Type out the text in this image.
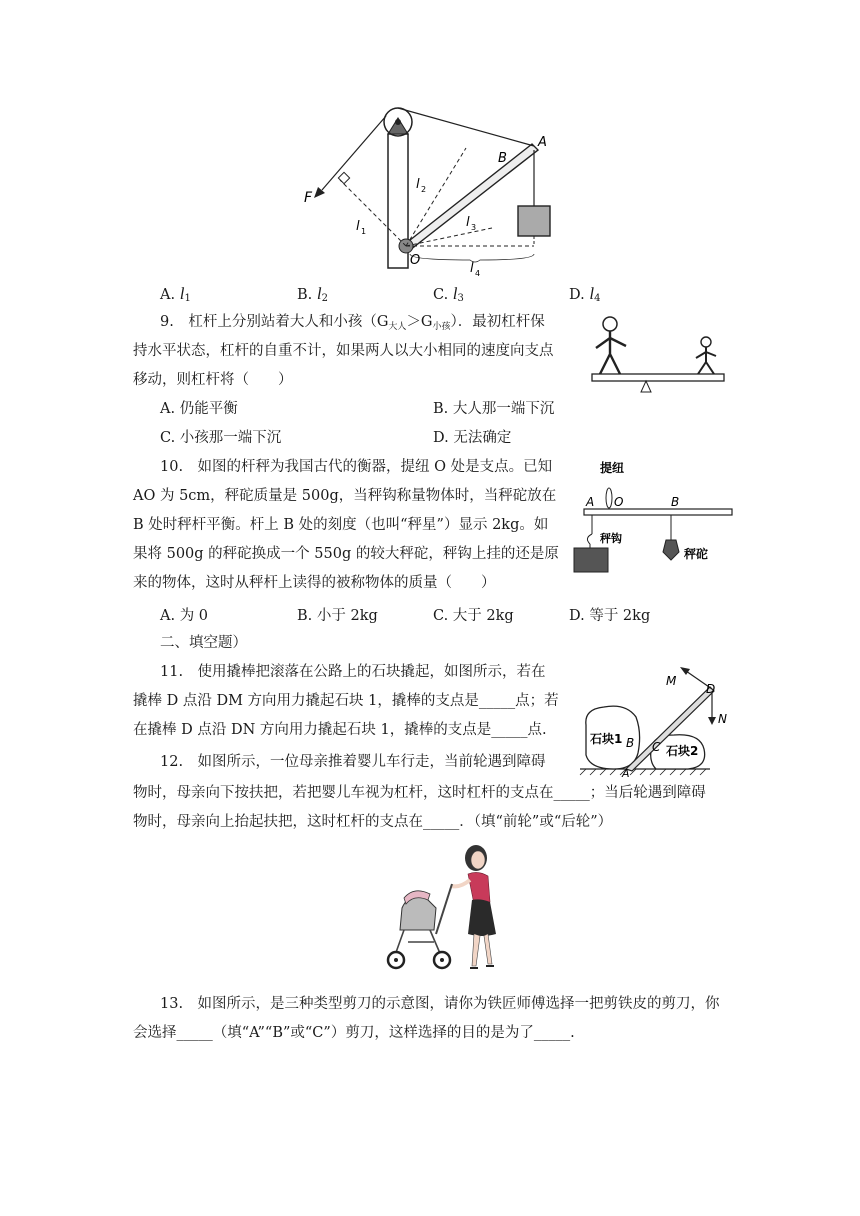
F
O
A
B
l 1
l 2
l 3
l 4
A. $l_1$	B. $l_2$	C. $l_3$	D. $l_4$
9.　杠杆上分别站着大人和小孩$(G_{大人}>G_{小孩})$．最初杠杆保
持水平状态，杠杆的自重不计，如果两人以大小相同的速度向支点
移动，则杠杆将（　　）
A. 仍能平衡	B. 大人那一端下沉
C. 小孩那一端下沉	D. 无法确定
10.　如图的杆秤为我国古代的衡器，提纽 O 处是支点。已知
AO 为 5cm，秤砣质量是 500g，当秤钩称量物体时，当秤砣放在
B 处时秤杆平衡。杆上 B 处的刻度（也叫“秤星”）显示 2kg。如
果将 500g 的秤砣换成一个 550g 的较大秤砣，秤钩上挂的还是原
来的物体，这时从秤杆上读得的被称物体的质量（　　）
A. 为 0	B. 小于 2kg	C. 大于 2kg	D. 等于 2kg
提纽
A O	B
秤钩
秤砣
二、填空题）
11.　使用撬棒把滚落在公路上的石块撬起，如图所示，若在
撬棒 D 点沿 DM 方向用力撬起石块 1，撬棒的支点是_____点；若
在撬棒 D 点沿 DN 方向用力撬起石块 1，撬棒的支点是_____点.
石块1
石块2
M
D
N
B C
A
12.　如图所示，一位母亲推着婴儿车行走，当前轮遇到障碍
物时，母亲向下按扶把，若把婴儿车视为杠杆，这时杠杆的支点在_____；当后轮遇到障碍
物时，母亲向上抬起扶把，这时杠杆的支点在_____．（填“前轮”或“后轮”）
13.　如图所示，是三种类型剪刀的示意图，请你为铁匠师傅选择一把剪铁皮的剪刀，你
会选择_____（填“A”“B”或“C”）剪刀，这样选择的目的是为了_____.
